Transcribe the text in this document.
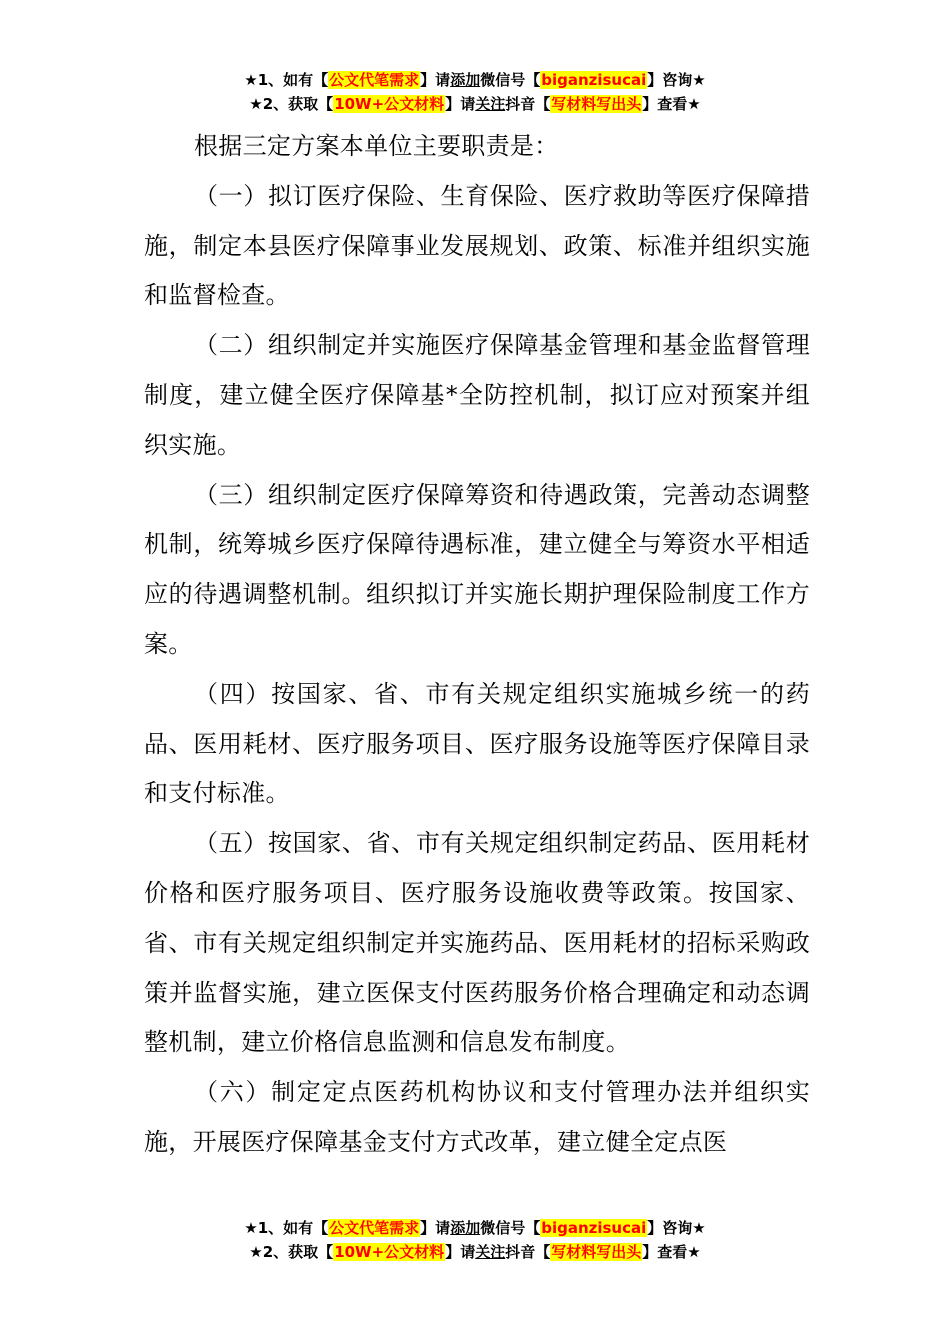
★1、如有【公文代笔需求】请添加微信号【biganzisucai】咨询★
★2、获取【10W+公文材料】请关注抖音【写材料写出头】查看★

根据三定方案本单位主要职责是：

（一）拟订医疗保险、生育保险、医疗救助等医疗保障措施，制定本县医疗保障事业发展规划、政策、标准并组织实施和监督检查。

（二）组织制定并实施医疗保障基金管理和基金监督管理制度，建立健全医疗保障基*全防控机制，拟订应对预案并组织实施。

（三）组织制定医疗保障筹资和待遇政策，完善动态调整机制，统筹城乡医疗保障待遇标准，建立健全与筹资水平相适应的待遇调整机制。组织拟订并实施长期护理保险制度工作方案。

（四）按国家、省、市有关规定组织实施城乡统一的药品、医用耗材、医疗服务项目、医疗服务设施等医疗保障目录和支付标准。

（五）按国家、省、市有关规定组织制定药品、医用耗材价格和医疗服务项目、医疗服务设施收费等政策。按国家、省、市有关规定组织制定并实施药品、医用耗材的招标采购政策并监督实施，建立医保支付医药服务价格合理确定和动态调整机制，建立价格信息监测和信息发布制度。

（六）制定定点医药机构协议和支付管理办法并组织实施，开展医疗保障基金支付方式改革，建立健全定点医

★1、如有【公文代笔需求】请添加微信号【biganzisucai】咨询★
★2、获取【10W+公文材料】请关注抖音【写材料写出头】查看★
